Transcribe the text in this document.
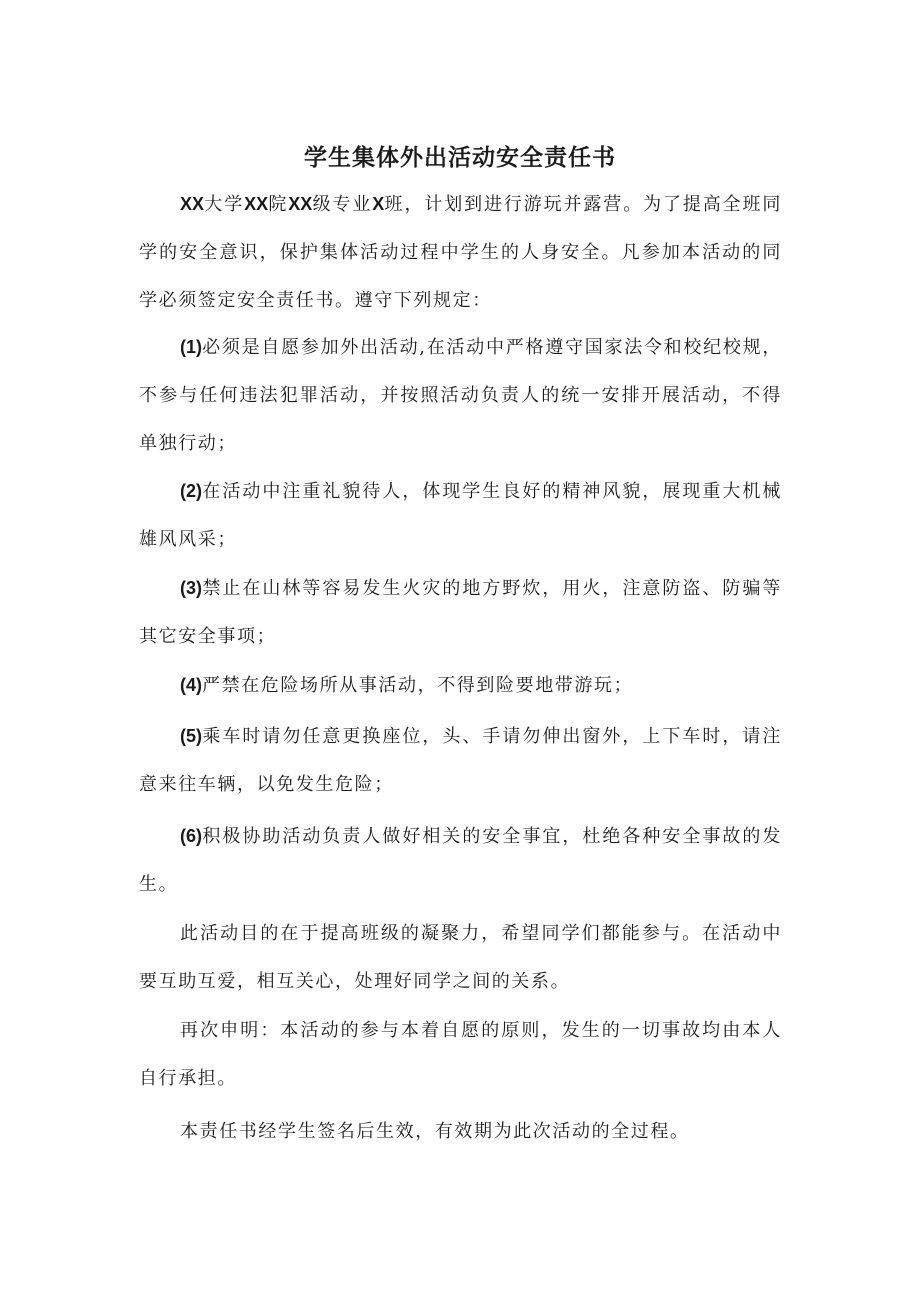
学生集体外出活动安全责任书

XX大学XX院XX级专业X班，计划到进行游玩并露营。为了提高全班同学的安全意识，保护集体活动过程中学生的人身安全。凡参加本活动的同学必须签定安全责任书。遵守下列规定：

(1)必须是自愿参加外出活动,在活动中严格遵守国家法令和校纪校规，不参与任何违法犯罪活动，并按照活动负责人的统一安排开展活动，不得单独行动；

(2)在活动中注重礼貌待人，体现学生良好的精神风貌，展现重大机械雄风风采；

(3)禁止在山林等容易发生火灾的地方野炊，用火，注意防盗、防骗等其它安全事项；

(4)严禁在危险场所从事活动，不得到险要地带游玩；

(5)乘车时请勿任意更换座位，头、手请勿伸出窗外，上下车时，请注意来往车辆，以免发生危险；

(6)积极协助活动负责人做好相关的安全事宜，杜绝各种安全事故的发生。

此活动目的在于提高班级的凝聚力，希望同学们都能参与。在活动中要互助互爱，相互关心，处理好同学之间的关系。

再次申明：本活动的参与本着自愿的原则，发生的一切事故均由本人自行承担。

本责任书经学生签名后生效，有效期为此次活动的全过程。
